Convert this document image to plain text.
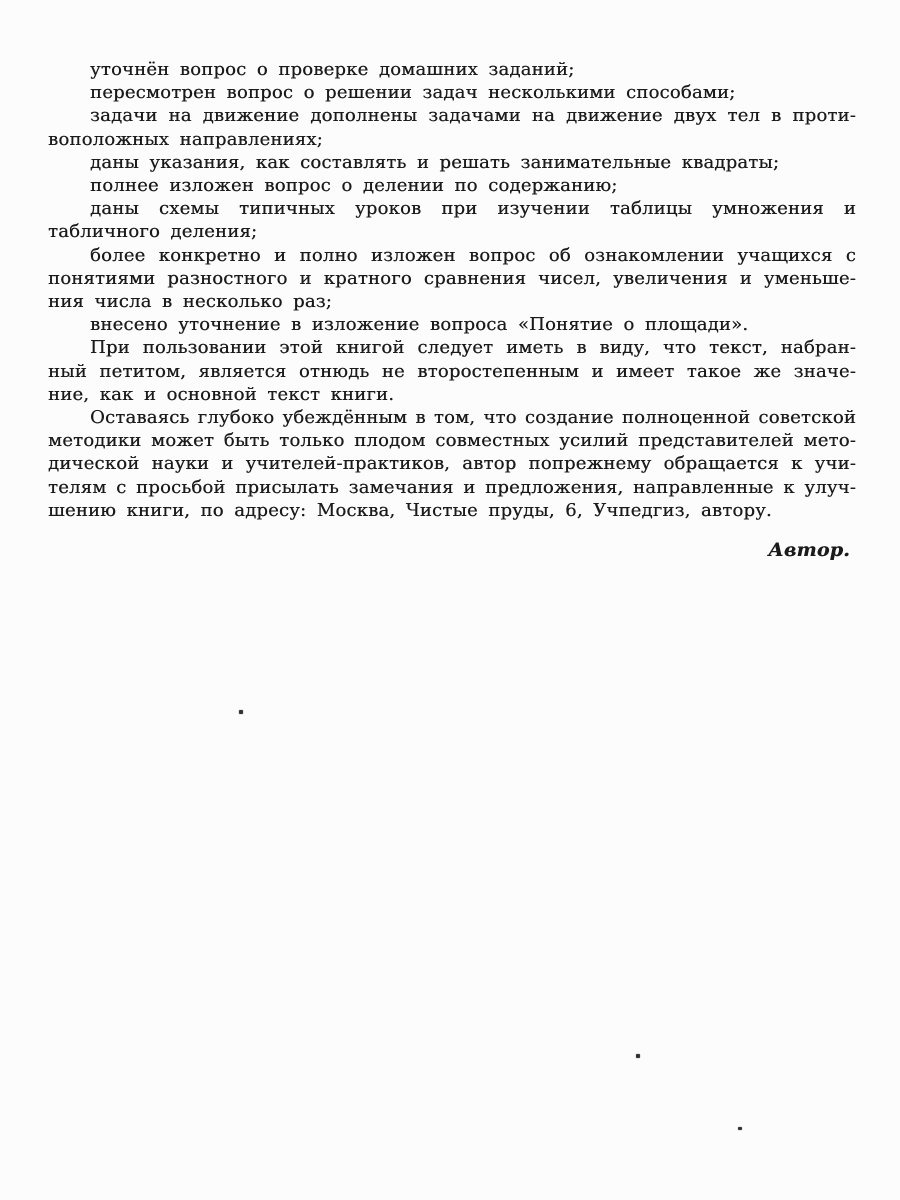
уточнён вопрос о проверке домашних заданий;
пересмотрен вопрос о решении задач несколькими способами;
задачи на движение дополнены задачами на движение двух тел в проти-
воположных направлениях;
даны указания, как составлять и решать занимательные квадраты;
полнее изложен вопрос о делении по содержанию;
даны схемы типичных уроков при изучении таблицы умножения и
табличного деления;
более конкретно и полно изложен вопрос об ознакомлении учащихся с
понятиями разностного и кратного сравнения чисел, увеличения и уменьше-
ния числа в несколько раз;
внесено уточнение в изложение вопроса «Понятие о площади».
При пользовании этой книгой следует иметь в виду, что текст, набран-
ный петитом, является отнюдь не второстепенным и имеет такое же значе-
ние, как и основной текст книги.
Оставаясь глубоко убеждённым в том, что создание полноценной советской
методики может быть только плодом совместных усилий представителей мето-
дической науки и учителей-практиков, автор попрежнему обращается к учи-
телям с просьбой присылать замечания и предложения, направленные к улуч-
шению книги, по адресу: Москва, Чистые пруды, 6, Учпедгиз, автору.
Автор.
